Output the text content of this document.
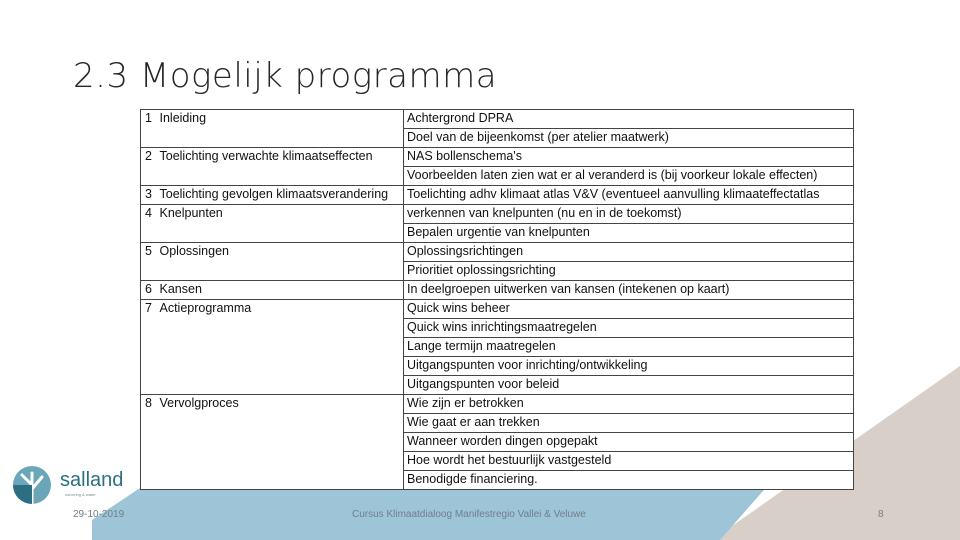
2.3 Mogelijk programma
1	Inleiding	Achtergrond DPRA
		Doel van de bijeenkomst (per atelier maatwerk)
2	Toelichting verwachte klimaatseffecten	NAS bollenschema's
		Voorbeelden laten zien wat er al veranderd is (bij voorkeur lokale effecten)
3	Toelichting gevolgen klimaatsverandering	Toelichting adhv klimaat atlas V&V (eventueel aanvulling klimaateffectatlas
4	Knelpunten	verkennen van knelpunten (nu en in de toekomst)
		Bepalen urgentie van knelpunten
5	Oplossingen	Oplossingsrichtingen
		Prioritiet oplossingsrichting
6	Kansen	In deelgroepen uitwerken van kansen (intekenen op kaart)
7	Actieprogramma	Quick wins beheer
		Quick wins inrichtingsmaatregelen
		Lange termijn maatregelen
		Uitgangspunten voor inrichting/ontwikkeling
		Uitgangspunten voor beleid
8	Vervolgproces	Wie zijn er betrokken
		Wie gaat er aan trekken
		Wanneer worden dingen opgepakt
		Hoe wordt het bestuurlijk vastgesteld
		Benodigde financiering.
salland
zuivering & water
29-10-2019	Cursus Klimaatdialoog Manifestregio Vallei & Veluwe	8
